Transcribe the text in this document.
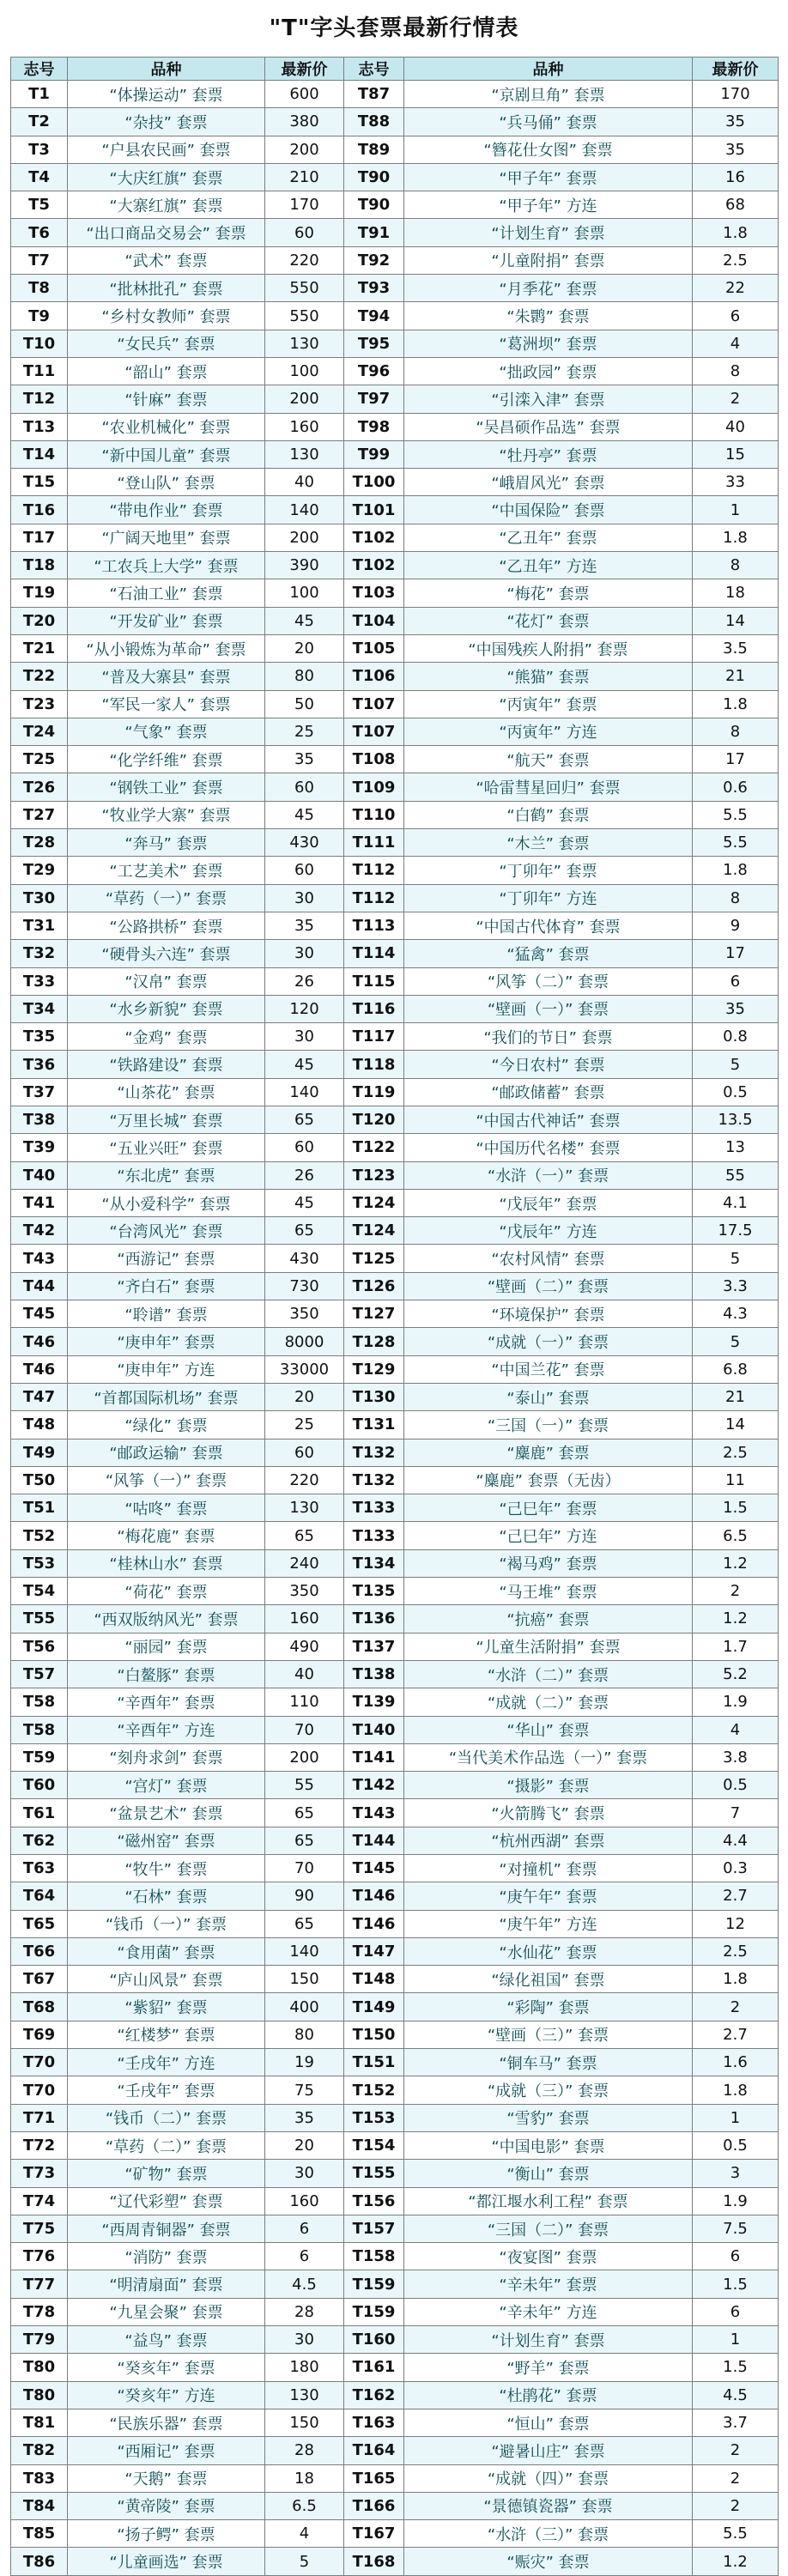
"T"字头套票最新行情表
志号	品种	最新价	志号	品种	最新价
T1	“体操运动” 套票	600	T87	“京剧旦角” 套票	170
T2	“杂技” 套票	380	T88	“兵马俑” 套票	35
T3	“户县农民画” 套票	200	T89	“簪花仕女图” 套票	35
T4	“大庆红旗” 套票	210	T90	“甲子年” 套票	16
T5	“大寨红旗” 套票	170	T90	“甲子年” 方连	68
T6	“出口商品交易会” 套票	60	T91	“计划生育” 套票	1.8
T7	“武术” 套票	220	T92	“儿童附捐” 套票	2.5
T8	“批林批孔” 套票	550	T93	“月季花” 套票	22
T9	“乡村女教师” 套票	550	T94	“朱鹮” 套票	6
T10	“女民兵” 套票	130	T95	“葛洲坝” 套票	4
T11	“韶山” 套票	100	T96	“拙政园” 套票	8
T12	“针麻” 套票	200	T97	“引滦入津” 套票	2
T13	“农业机械化” 套票	160	T98	“吴昌硕作品选” 套票	40
T14	“新中国儿童” 套票	130	T99	“牡丹亭” 套票	15
T15	“登山队” 套票	40	T100	“峨眉风光” 套票	33
T16	“带电作业” 套票	140	T101	“中国保险” 套票	1
T17	“广阔天地里” 套票	200	T102	“乙丑年” 套票	1.8
T18	“工农兵上大学” 套票	390	T102	“乙丑年” 方连	8
T19	“石油工业” 套票	100	T103	“梅花” 套票	18
T20	“开发矿业” 套票	45	T104	“花灯” 套票	14
T21	“从小锻炼为革命” 套票	20	T105	“中国残疾人附捐” 套票	3.5
T22	“普及大寨县” 套票	80	T106	“熊猫” 套票	21
T23	“军民一家人” 套票	50	T107	“丙寅年” 套票	1.8
T24	“气象” 套票	25	T107	“丙寅年” 方连	8
T25	“化学纤维” 套票	35	T108	“航天” 套票	17
T26	“钢铁工业” 套票	60	T109	“哈雷彗星回归” 套票	0.6
T27	“牧业学大寨” 套票	45	T110	“白鹤” 套票	5.5
T28	“奔马” 套票	430	T111	“木兰” 套票	5.5
T29	“工艺美术” 套票	60	T112	“丁卯年” 套票	1.8
T30	“草药（一）” 套票	30	T112	“丁卯年” 方连	8
T31	“公路拱桥” 套票	35	T113	“中国古代体育” 套票	9
T32	“硬骨头六连” 套票	30	T114	“猛禽” 套票	17
T33	“汉帛” 套票	26	T115	“风筝（二）” 套票	6
T34	“水乡新貌” 套票	120	T116	“壁画（一）” 套票	35
T35	“金鸡” 套票	30	T117	“我们的节日” 套票	0.8
T36	“铁路建设” 套票	45	T118	“今日农村” 套票	5
T37	“山茶花” 套票	140	T119	“邮政储蓄” 套票	0.5
T38	“万里长城” 套票	65	T120	“中国古代神话” 套票	13.5
T39	“五业兴旺” 套票	60	T122	“中国历代名楼” 套票	13
T40	“东北虎” 套票	26	T123	“水浒（一）” 套票	55
T41	“从小爱科学” 套票	45	T124	“戊辰年” 套票	4.1
T42	“台湾风光” 套票	65	T124	“戊辰年” 方连	17.5
T43	“西游记” 套票	430	T125	“农村风情” 套票	5
T44	“齐白石” 套票	730	T126	“壁画（二）” 套票	3.3
T45	“聆谱” 套票	350	T127	“环境保护” 套票	4.3
T46	“庚申年” 套票	8000	T128	“成就（一）” 套票	5
T46	“庚申年” 方连	33000	T129	“中国兰花” 套票	6.8
T47	“首都国际机场” 套票	20	T130	“泰山” 套票	21
T48	“绿化” 套票	25	T131	“三国（一）” 套票	14
T49	“邮政运输” 套票	60	T132	“麋鹿” 套票	2.5
T50	“风筝（一）” 套票	220	T132	“麋鹿” 套票（无齿）	11
T51	“咕咚” 套票	130	T133	“己巳年” 套票	1.5
T52	“梅花鹿” 套票	65	T133	“己巳年” 方连	6.5
T53	“桂林山水” 套票	240	T134	“褐马鸡” 套票	1.2
T54	“荷花” 套票	350	T135	“马王堆” 套票	2
T55	“西双版纳风光” 套票	160	T136	“抗癌” 套票	1.2
T56	“丽园” 套票	490	T137	“儿童生活附捐” 套票	1.7
T57	“白鳌豚” 套票	40	T138	“水浒（二）” 套票	5.2
T58	“辛酉年” 套票	110	T139	“成就（二）” 套票	1.9
T58	“辛酉年” 方连	70	T140	“华山” 套票	4
T59	“刻舟求剑” 套票	200	T141	“当代美术作品选（一）” 套票	3.8
T60	“宫灯” 套票	55	T142	“摄影” 套票	0.5
T61	“盆景艺术” 套票	65	T143	“火箭腾飞” 套票	7
T62	“磁州窑” 套票	65	T144	“杭州西湖” 套票	4.4
T63	“牧牛” 套票	70	T145	“对撞机” 套票	0.3
T64	“石林” 套票	90	T146	“庚午年” 套票	2.7
T65	“钱币（一）” 套票	65	T146	“庚午年” 方连	12
T66	“食用菌” 套票	140	T147	“水仙花” 套票	2.5
T67	“庐山风景” 套票	150	T148	“绿化祖国” 套票	1.8
T68	“紫貂” 套票	400	T149	“彩陶” 套票	2
T69	“红楼梦” 套票	80	T150	“壁画（三）” 套票	2.7
T70	“壬戌年” 方连	19	T151	“铜车马” 套票	1.6
T70	“壬戌年” 套票	75	T152	“成就（三）” 套票	1.8
T71	“钱币（二）” 套票	35	T153	“雪豹” 套票	1
T72	“草药（二）” 套票	20	T154	“中国电影” 套票	0.5
T73	“矿物” 套票	30	T155	“衡山” 套票	3
T74	“辽代彩塑” 套票	160	T156	“都江堰水利工程” 套票	1.9
T75	“西周青铜器” 套票	6	T157	“三国（二）” 套票	7.5
T76	“消防” 套票	6	T158	“夜宴图” 套票	6
T77	“明清扇面” 套票	4.5	T159	“辛未年” 套票	1.5
T78	“九星会聚” 套票	28	T159	“辛未年” 方连	6
T79	“益鸟” 套票	30	T160	“计划生育” 套票	1
T80	“癸亥年” 套票	180	T161	“野羊” 套票	1.5
T80	“癸亥年” 方连	130	T162	“杜鹃花” 套票	4.5
T81	“民族乐器” 套票	150	T163	“恒山” 套票	3.7
T82	“西厢记” 套票	28	T164	“避暑山庄” 套票	2
T83	“天鹅” 套票	18	T165	“成就（四）” 套票	2
T84	“黄帝陵” 套票	6.5	T166	“景德镇瓷器” 套票	2
T85	“扬子鳄” 套票	4	T167	“水浒（三）” 套票	5.5
T86	“儿童画选” 套票	5	T168	“赈灾” 套票	1.2
